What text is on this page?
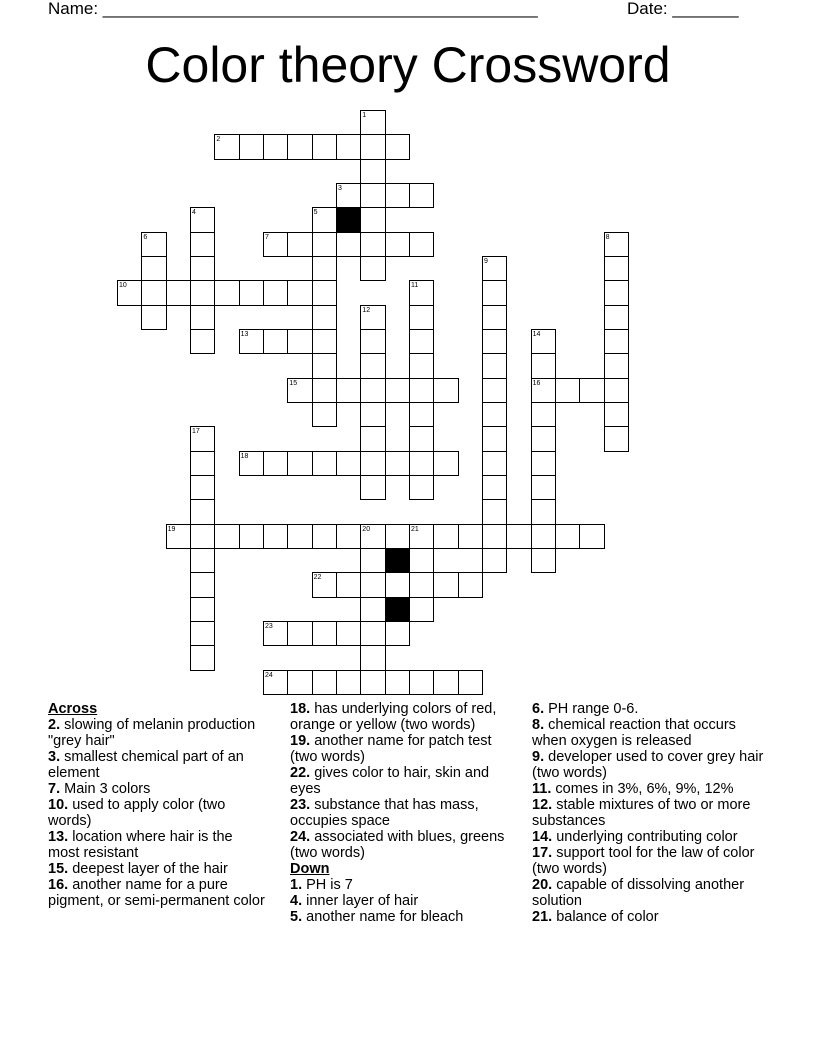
Name: ______________________________________________	Date: _______
Color theory Crossword
2
3
7
10
13
15	16
18
19
22
23
24
1
4	5
6	8
9
11
12
14
17
20	21

Across

2. slowing of melanin production "grey hair"

3. smallest chemical part of an element

7. Main 3 colors

10. used to apply color (two words)

13. location where hair is the most resistant

15. deepest layer of the hair

16. another name for a pure pigment, or semi-permanent color

18. has underlying colors of red, orange or yellow (two words)

19. another name for patch test (two words)

22. gives color to hair, skin and eyes

23. substance that has mass, occupies space

24. associated with blues, greens (two words)

Down

1. PH is 7

4. inner layer of hair

5. another name for bleach

6. PH range 0-6.

8. chemical reaction that occurs when oxygen is released

9. developer used to cover grey hair (two words)

11. comes in 3%, 6%, 9%, 12%

12. stable mixtures of two or more substances

14. underlying contributing color

17. support tool for the law of color (two words)

20. capable of dissolving another solution

21. balance of color
